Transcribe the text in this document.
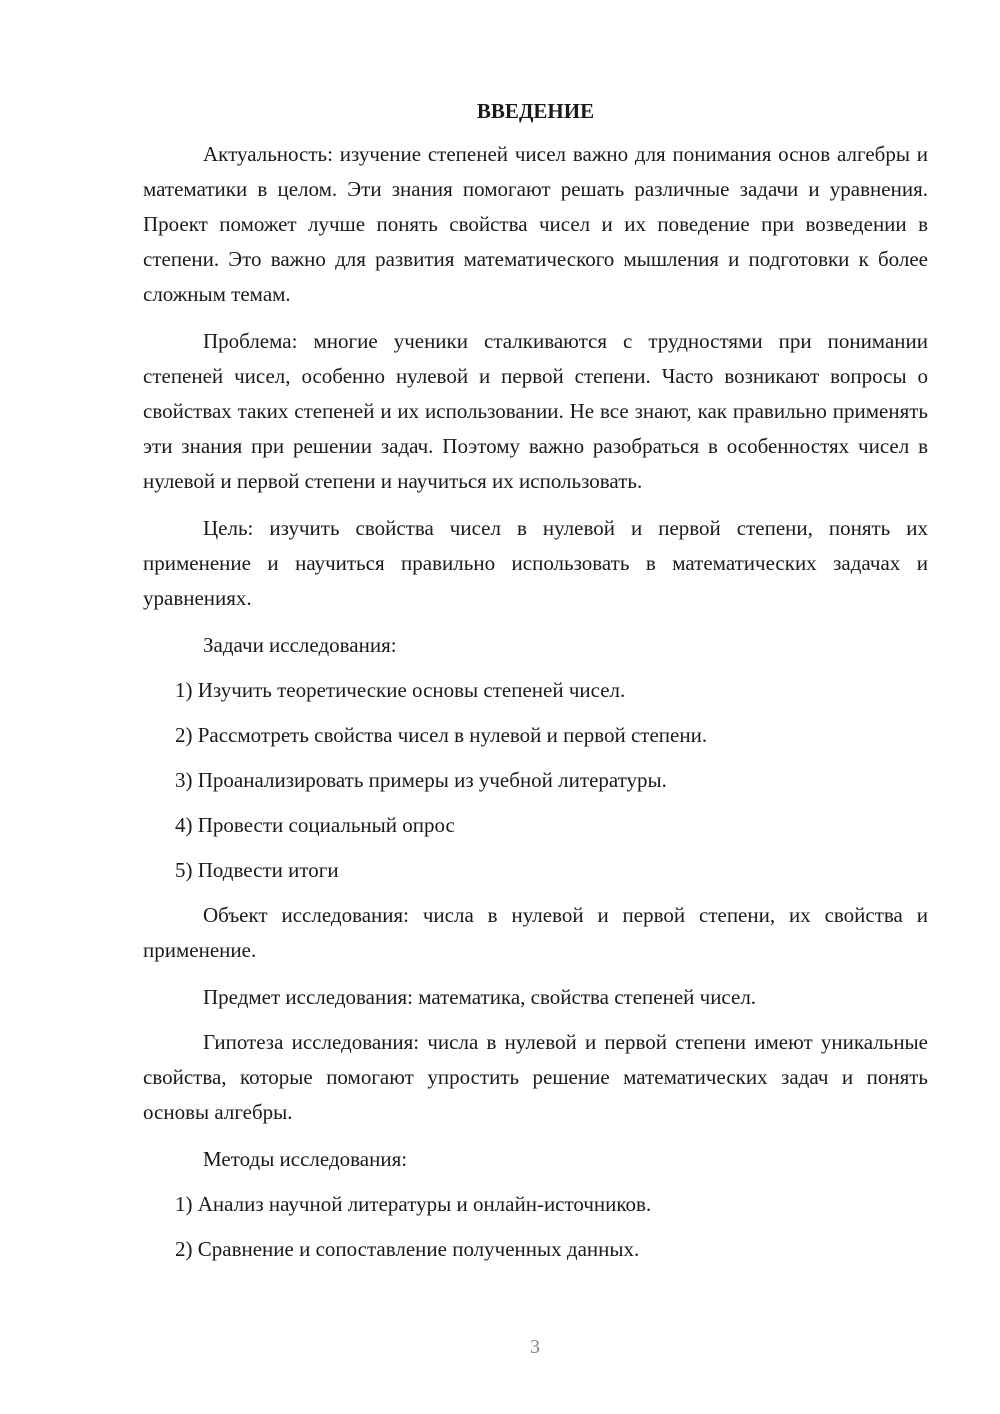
ВВЕДЕНИЕ

Актуальность: изучение степеней чисел важно для понимания основ алгебры и математики в целом. Эти знания помогают решать различные задачи и уравнения. Проект поможет лучше понять свойства чисел и их поведение при возведении в степени. Это важно для развития математического мышления и подготовки к более сложным темам.

Проблема: многие ученики сталкиваются с трудностями при понимании степеней чисел, особенно нулевой и первой степени. Часто возникают вопросы о свойствах таких степеней и их использовании. Не все знают, как правильно применять эти знания при решении задач. Поэтому важно разобраться в особенностях чисел в нулевой и первой степени и научиться их использовать.

Цель: изучить свойства чисел в нулевой и первой степени, понять их применение и научиться правильно использовать в математических задачах и уравнениях.

Задачи исследования:
1) Изучить теоретические основы степеней чисел.
2) Рассмотреть свойства чисел в нулевой и первой степени.
3) Проанализировать примеры из учебной литературы.
4) Провести социальный опрос
5) Подвести итоги

Объект исследования: числа в нулевой и первой степени, их свойства и применение.

Предмет исследования: математика, свойства степеней чисел.

Гипотеза исследования: числа в нулевой и первой степени имеют уникальные свойства, которые помогают упростить решение математических задач и понять основы алгебры.

Методы исследования:
1) Анализ научной литературы и онлайн-источников.
2) Сравнение и сопоставление полученных данных.
3
